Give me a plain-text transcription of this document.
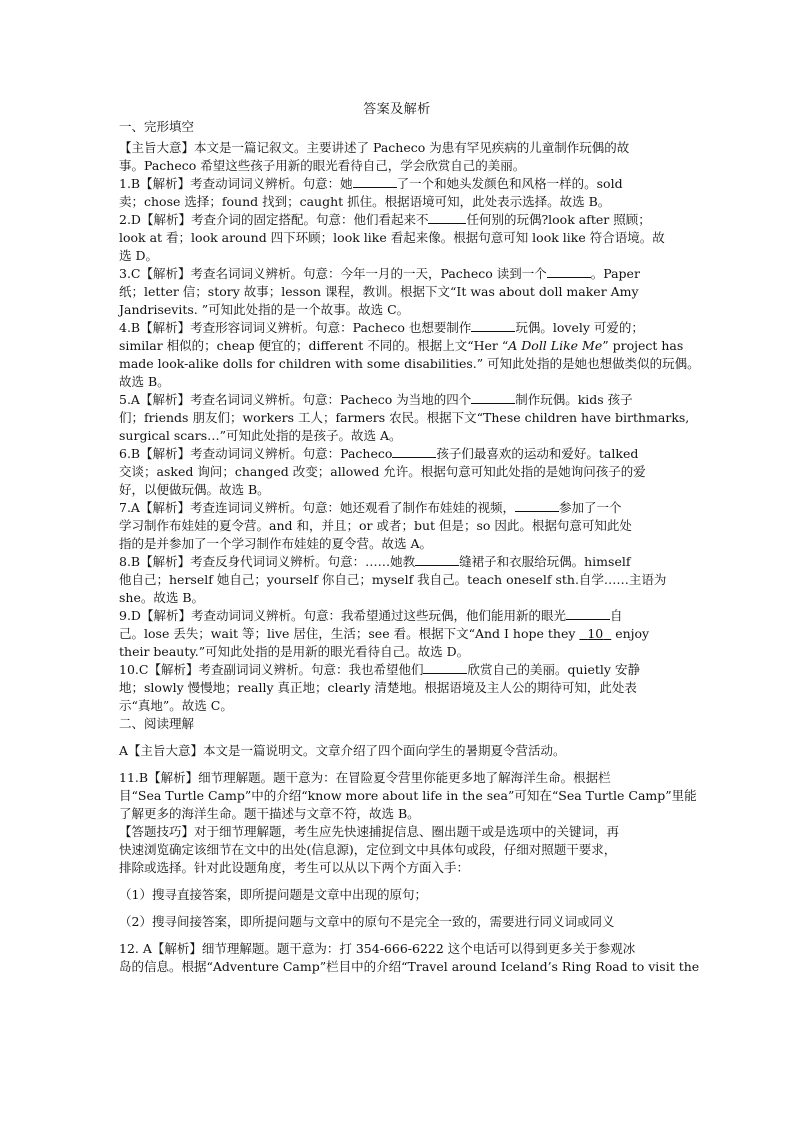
答案及解析
一、完形填空
【主旨大意】本文是一篇记叙文。主要讲述了 Pacheco 为患有罕见疾病的儿童制作玩偶的故
事。Pacheco 希望这些孩子用新的眼光看待自己，学会欣赏自己的美丽。
1.B【解析】考查动词词义辨析。句意：她	了一个和她头发颜色和风格一样的。sold
卖；chose 选择；found 找到；caught 抓住。根据语境可知，此处表示选择。故选 B。
2.D【解析】考查介词的固定搭配。句意：他们看起来不	任何别的玩偶?look after 照顾；
look at 看；look around 四下环顾；look like 看起来像。根据句意可知 look like 符合语境。故
选 D。
3.C【解析】考查名词词义辨析。句意：今年一月的一天，Pacheco 读到一个	。Paper
纸；letter 信；story 故事；lesson 课程，教训。根据下文“It was about doll maker Amy
Jandrisevits. ”可知此处指的是一个故事。故选 C。
4.B【解析】考查形容词词义辨析。句意：Pacheco 也想要制作	玩偶。lovely 可爱的；
similar 相似的；cheap 便宜的；different 不同的。根据上文“Her “A Doll Like Me” project has
made look-alike dolls for children with some disabilities.” 可知此处指的是她也想做类似的玩偶。
故选 B。
5.A【解析】考查名词词义辨析。句意：Pacheco 为当地的四个	制作玩偶。kids 孩子
们；friends 朋友们；workers 工人；farmers 农民。根据下文“These children have birthmarks,
surgical scars…”可知此处指的是孩子。故选 A。
6.B【解析】考查动词词义辨析。句意：Pacheco	孩子们最喜欢的运动和爱好。talked
交谈；asked 询问；changed 改变；allowed 允许。根据句意可知此处指的是她询问孩子的爱
好，以便做玩偶。故选 B。
7.A【解析】考查连词词义辨析。句意：她还观看了制作布娃娃的视频，	参加了一个
学习制作布娃娃的夏令营。and 和，并且；or 或者；but 但是；so 因此。根据句意可知此处
指的是并参加了一个学习制作布娃娃的夏令营。故选 A。
8.B【解析】考查反身代词词义辨析。句意：……她教	缝裙子和衣服给玩偶。himself
他自己；herself 她自己；yourself 你自己；myself 我自己。teach oneself sth.自学……主语为
she。故选 B。
9.D【解析】考查动词词义辨析。句意：我希望通过这些玩偶，他们能用新的眼光	自
己。lose 丢失；wait 等；live 居住，生活；see 看。根据下文“And I hope they 10 enjoy
their beauty.”可知此处指的是用新的眼光看待自己。故选 D。
10.C【解析】考查副词词义辨析。句意：我也希望他们	欣赏自己的美丽。quietly 安静
地；slowly 慢慢地；really 真正地；clearly 清楚地。根据语境及主人公的期待可知，此处表
示“真地”。故选 C。
二、阅读理解
A【主旨大意】本文是一篇说明文。文章介绍了四个面向学生的暑期夏令营活动。
11.B【解析】细节理解题。题干意为：在冒险夏令营里你能更多地了解海洋生命。根据栏
目“Sea Turtle Camp”中的介绍“know more about life in the sea”可知在“Sea Turtle Camp”里能
了解更多的海洋生命。题干描述与文章不符，故选 B。
【答题技巧】对于细节理解题，考生应先快速捕捉信息、圈出题干或是选项中的关键词，再
快速浏览确定该细节在文中的出处(信息源)，定位到文中具体句或段，仔细对照题干要求，
排除或选择。针对此设题角度，考生可以从以下两个方面入手：
（1）搜寻直接答案，即所提问题是文章中出现的原句；
（2）搜寻间接答案，即所提问题与文章中的原句不是完全一致的，需要进行同义词或同义
12. A【解析】细节理解题。题干意为：打 354-666-6222 这个电话可以得到更多关于参观冰
岛的信息。根据“Adventure Camp”栏目中的介绍“Travel around Iceland’s Ring Road to visit the
